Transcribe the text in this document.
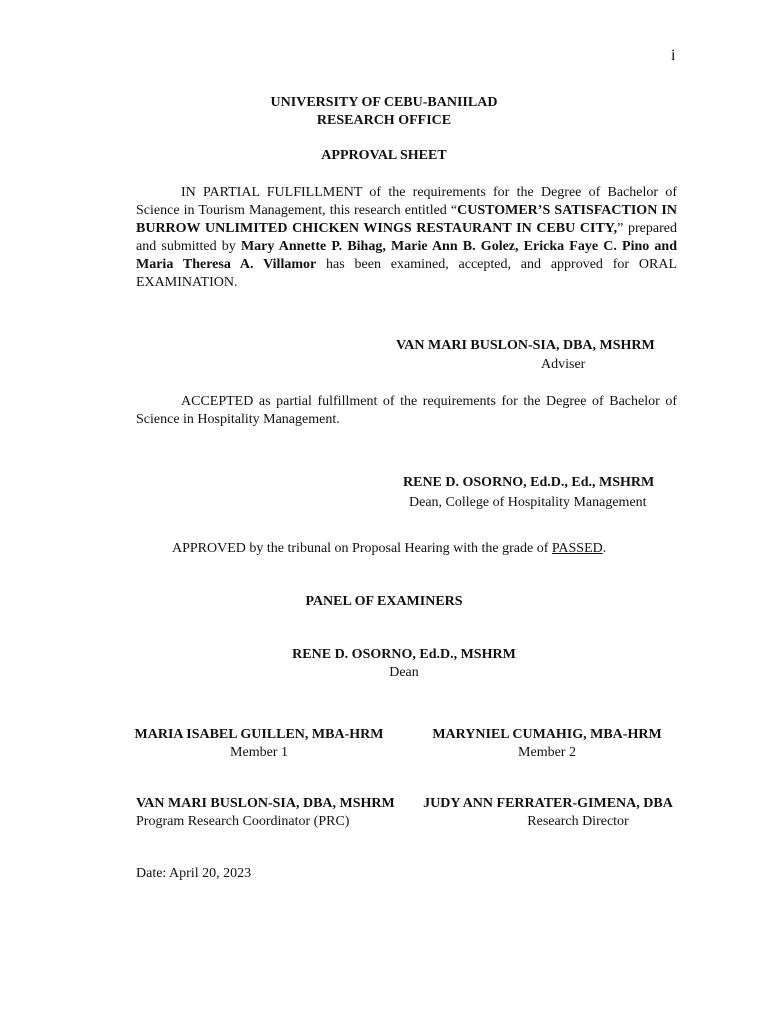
i
UNIVERSITY OF CEBU-BANIILAD
RESEARCH OFFICE
APPROVAL SHEET
IN PARTIAL FULFILLMENT of the requirements for the Degree of Bachelor of Science in Tourism Management, this research entitled “CUSTOMER’S SATISFACTION IN BURROW UNLIMITED CHICKEN WINGS RESTAURANT IN CEBU CITY,” prepared and submitted by Mary Annette P. Bihag, Marie Ann B. Golez, Ericka Faye C. Pino and Maria Theresa A. Villamor has been examined, accepted, and approved for ORAL EXAMINATION.
VAN MARI BUSLON-SIA, DBA, MSHRM
Adviser
ACCEPTED as partial fulfillment of the requirements for the Degree of Bachelor of Science in Hospitality Management.
RENE D. OSORNO, Ed.D., Ed., MSHRM
Dean, College of Hospitality Management
APPROVED by the tribunal on Proposal Hearing with the grade of PASSED.
PANEL OF EXAMINERS
RENE D. OSORNO, Ed.D., MSHRM
Dean
MARIA ISABEL GUILLEN, MBA-HRM
Member 1
MARYNIEL CUMAHIG, MBA-HRM
Member 2
VAN MARI BUSLON-SIA, DBA, MSHRM
Program Research Coordinator (PRC)
JUDY ANN FERRATER-GIMENA, DBA
Research Director
Date: April 20, 2023
